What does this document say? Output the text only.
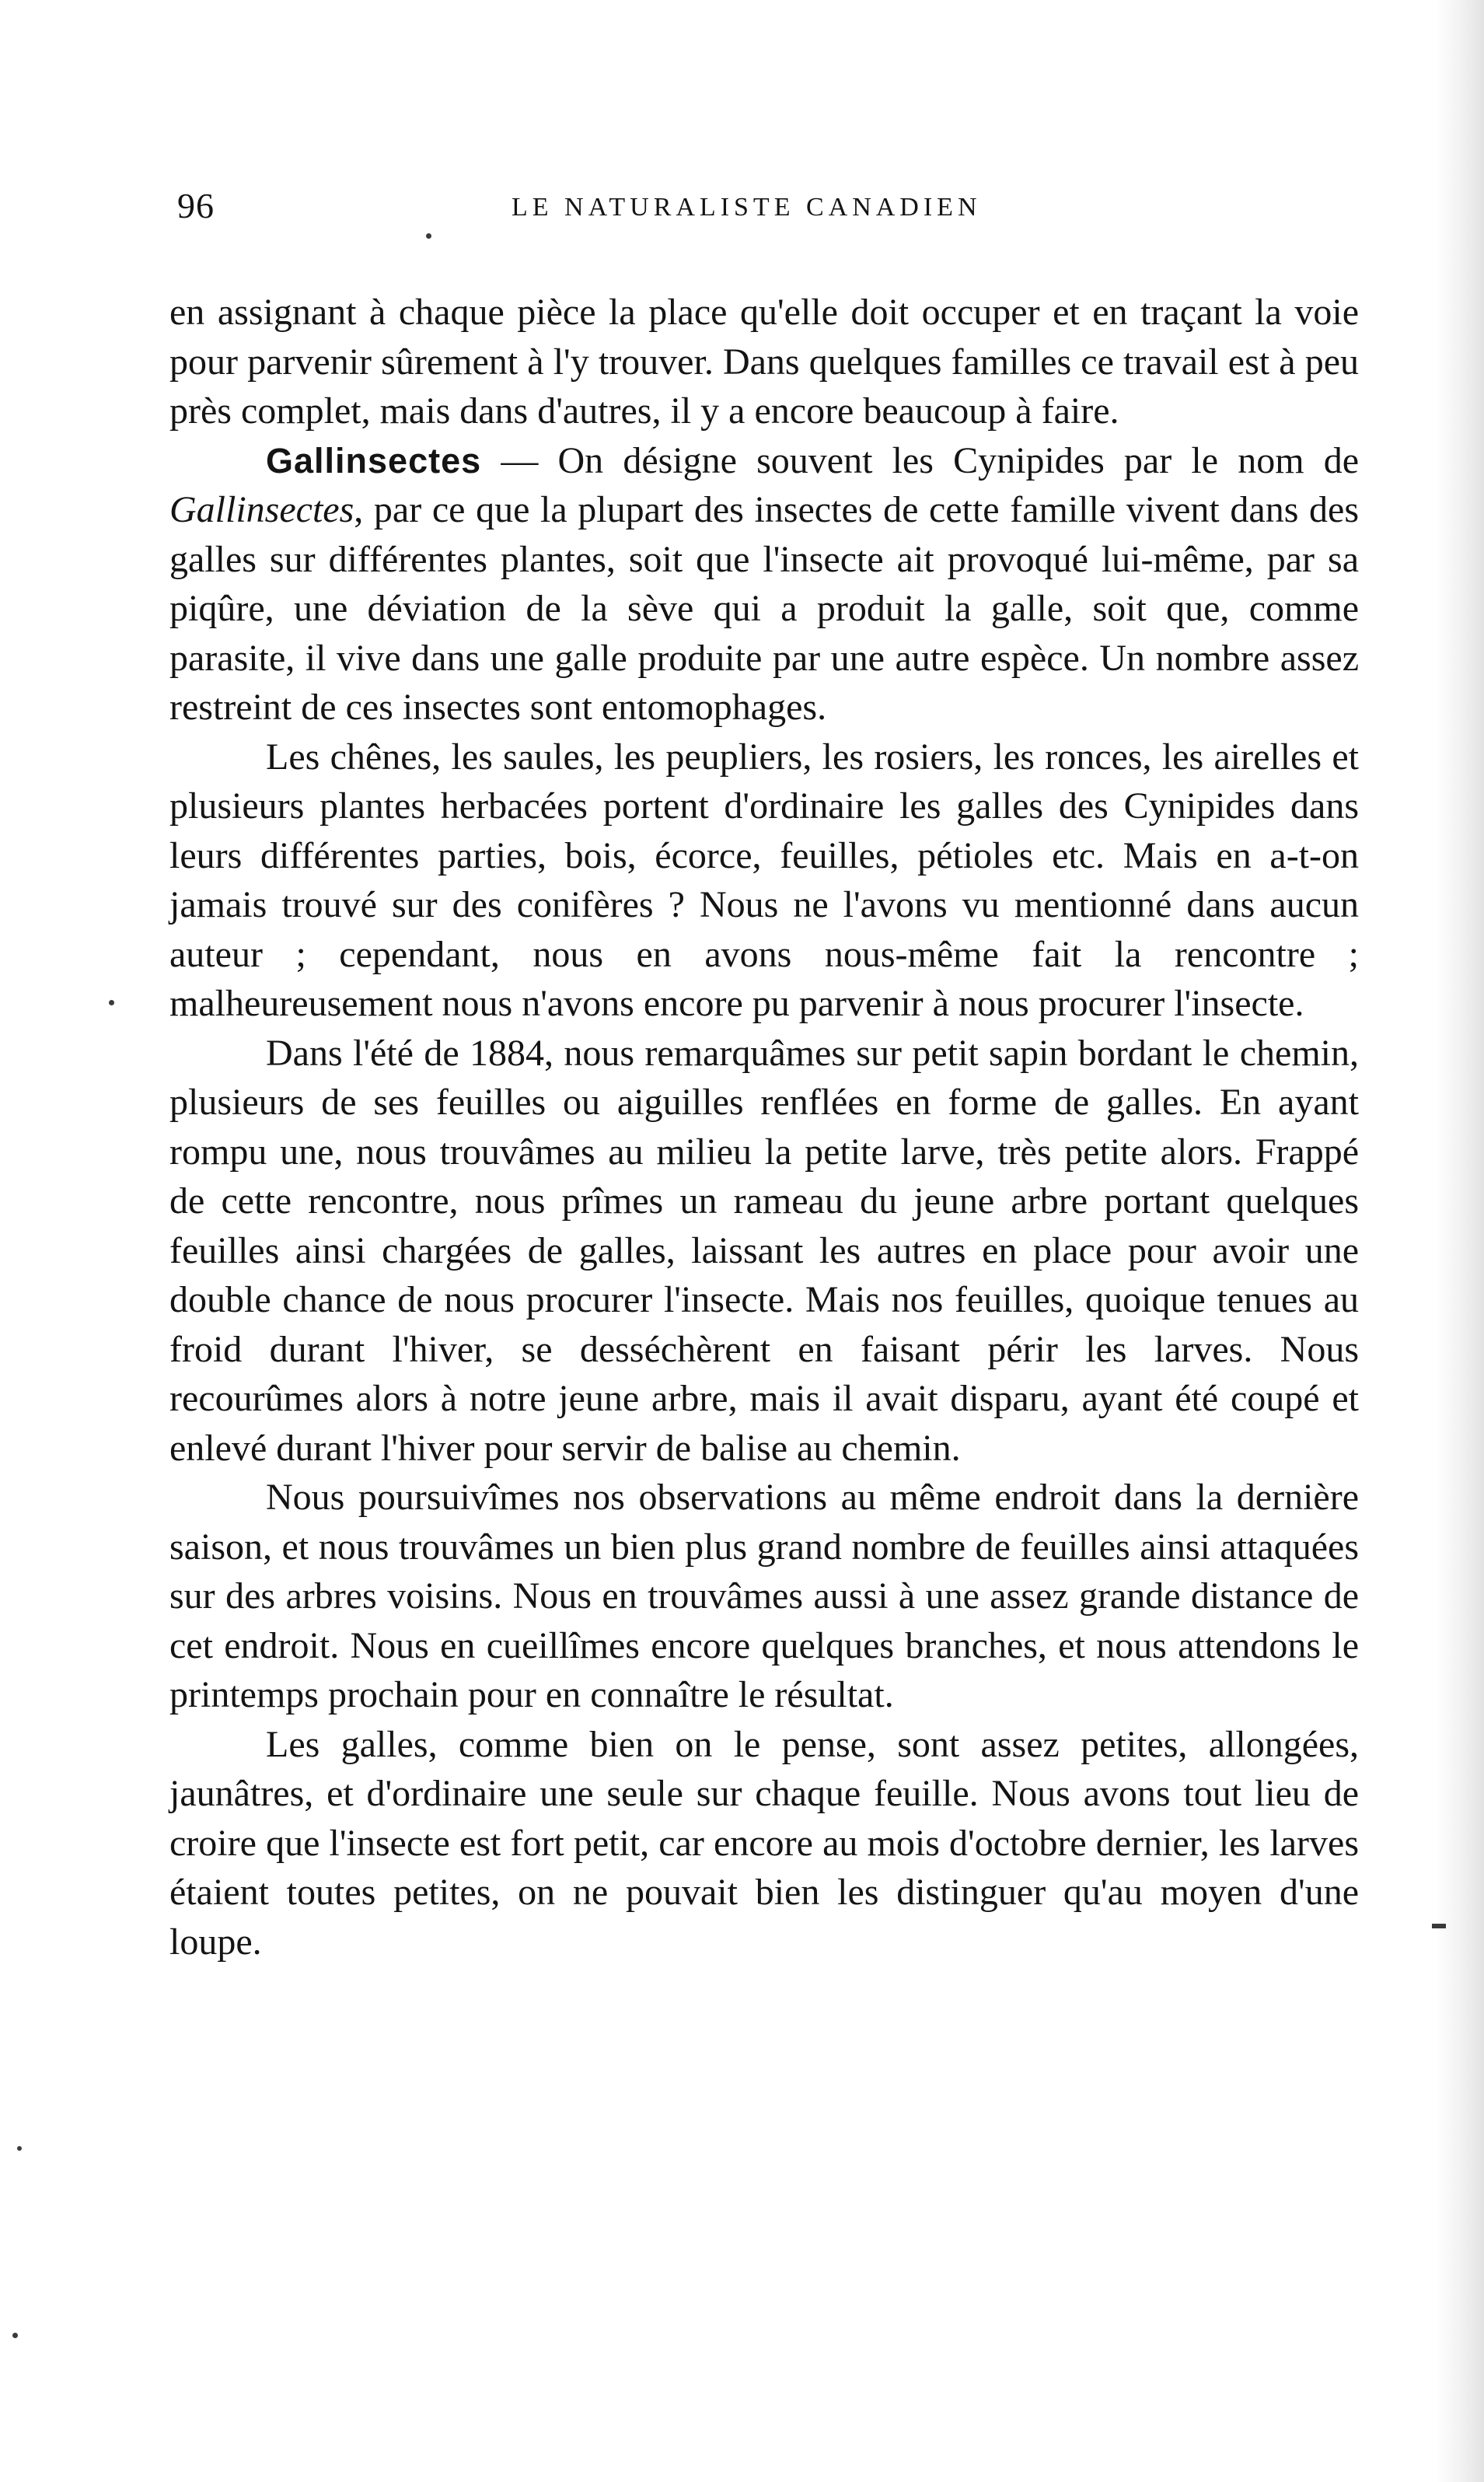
96	LE NATURALISTE CANADIEN

en assignant à chaque pièce la place qu'elle doit occuper et en traçant la voie pour parvenir sûrement à l'y trouver. Dans quelques familles ce travail est à peu près complet, mais dans d'autres, il y a encore beaucoup à faire.

Gallinsectes — On désigne souvent les Cynipides par le nom de Gallinsectes, par ce que la plupart des insectes de cette famille vivent dans des galles sur différentes plantes, soit que l'insecte ait provoqué lui-même, par sa piqûre, une déviation de la sève qui a produit la galle, soit que, comme parasite, il vive dans une galle produite par une autre espèce. Un nombre assez restreint de ces insectes sont entomophages.

Les chênes, les saules, les peupliers, les rosiers, les ronces, les airelles et plusieurs plantes herbacées portent d'ordinaire les galles des Cynipides dans leurs différentes parties, bois, écorce, feuilles, pétioles etc. Mais en a-t-on jamais trouvé sur des conifères ? Nous ne l'avons vu mentionné dans aucun auteur ; cependant, nous en avons nous-même fait la rencontre ; malheureusement nous n'avons encore pu parvenir à nous procurer l'insecte.

Dans l'été de 1884, nous remarquâmes sur petit sapin bordant le chemin, plusieurs de ses feuilles ou aiguilles renflées en forme de galles. En ayant rompu une, nous trouvâmes au milieu la petite larve, très petite alors. Frappé de cette rencontre, nous prîmes un rameau du jeune arbre portant quelques feuilles ainsi chargées de galles, laissant les autres en place pour avoir une double chance de nous procurer l'insecte. Mais nos feuilles, quoique tenues au froid durant l'hiver, se desséchèrent en faisant périr les larves. Nous recourûmes alors à notre jeune arbre, mais il avait disparu, ayant été coupé et enlevé durant l'hiver pour servir de balise au chemin.

Nous poursuivîmes nos observations au même endroit dans la dernière saison, et nous trouvâmes un bien plus grand nombre de feuilles ainsi attaquées sur des arbres voisins. Nous en trouvâmes aussi à une assez grande distance de cet endroit. Nous en cueillîmes encore quelques branches, et nous attendons le printemps prochain pour en connaître le résultat.

Les galles, comme bien on le pense, sont assez petites, allongées, jaunâtres, et d'ordinaire une seule sur chaque feuille. Nous avons tout lieu de croire que l'insecte est fort petit, car encore au mois d'octobre dernier, les larves étaient toutes petites, on ne pouvait bien les distinguer qu'au moyen d'une loupe.
